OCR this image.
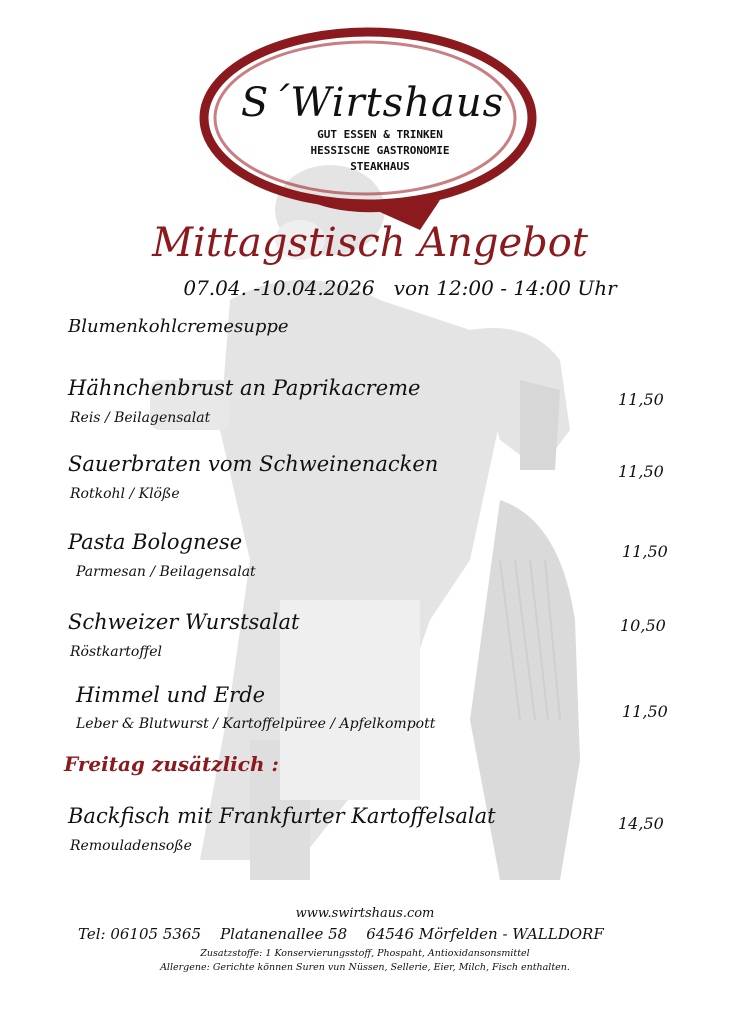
S´Wirtshaus
GUT ESSEN & TRINKEN
HESSISCHE GASTRONOMIE
STEAKHAUS
Mittagstisch Angebot
07.04. -10.04.2026   von 12:00 - 14:00 Uhr
Blumenkohlcremesuppe
Hähnchenbrust an Paprikacreme
Reis / Beilagensalat
11,50
Sauerbraten vom Schweinenacken
Rotkohl / Klöße
11,50
Pasta Bolognese
Parmesan / Beilagensalat
11,50
Schweizer Wurstsalat
Röstkartoffel
10,50
Himmel und Erde
Leber & Blutwurst / Kartoffelpüree / Apfelkompott
11,50
Freitag zusätzlich :
Backfisch mit Frankfurter Kartoffelsalat
Remouladensoße
14,50
www.swirtshaus.com
Tel: 06105 5365    Platanenallee 58    64546 Mörfelden - WALLDORF
Zusatzstoffe: 1 Konservierungsstoff, Phospaht, Antioxidansonsmittel
Allergene: Gerichte können Suren vun Nüssen, Sellerie, Eier, Milch, Fisch enthalten.
